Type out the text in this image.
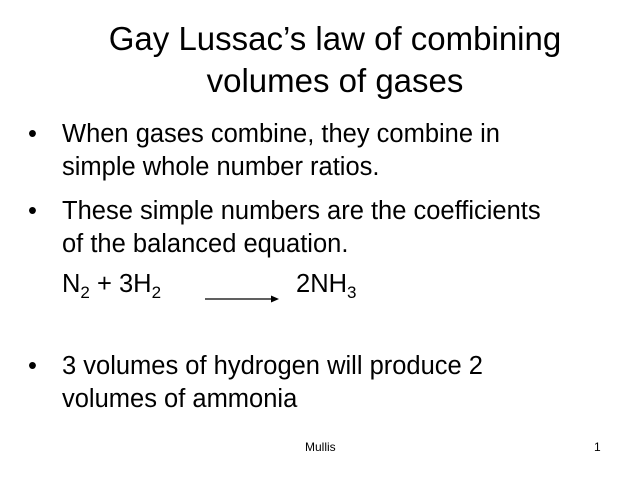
Gay Lussac’s law of combining
volumes of gases
• When gases combine, they combine in
simple whole number ratios.
• These simple numbers are the coefficients
of the balanced equation.
$N_2 + 3H_2$	$2NH_3$
• 3 volumes of hydrogen will produce 2
volumes of ammonia
Mullis	1
